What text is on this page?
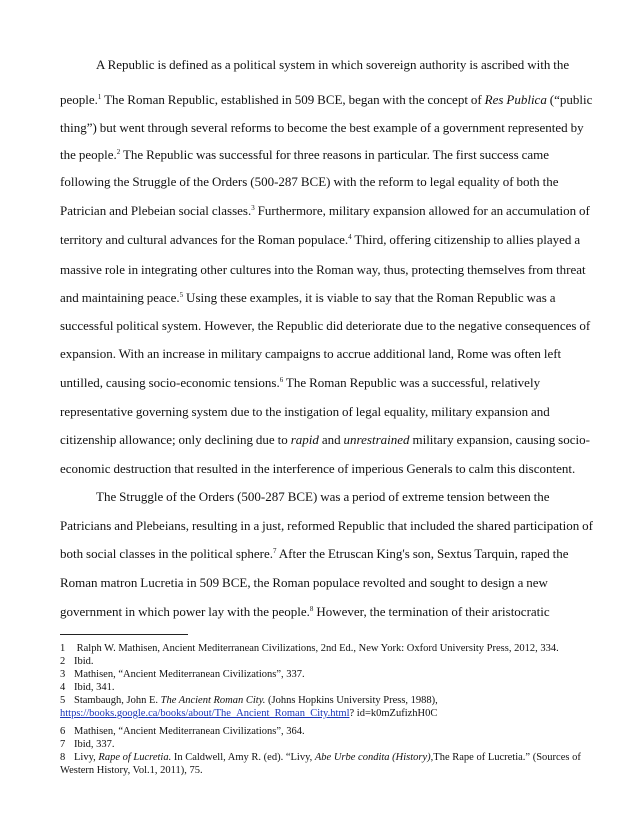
A Republic is defined as a political system in which sovereign authority is ascribed with the
people.$^1$ The Roman Republic, established in 509 BCE, began with the concept of Res Publica (“public
thing”) but went through several reforms to become the best example of a government represented by
the people.$^2$ The Republic was successful for three reasons in particular. The first success came
following the Struggle of the Orders (500-287 BCE) with the reform to legal equality of both the
Patrician and Plebeian social classes.$^3$ Furthermore, military expansion allowed for an accumulation of
territory and cultural advances for the Roman populace.$^4$ Third, offering citizenship to allies played a
massive role in integrating other cultures into the Roman way, thus, protecting themselves from threat
and maintaining peace.$^5$ Using these examples, it is viable to say that the Roman Republic was a
successful political system. However, the Republic did deteriorate due to the negative consequences of
expansion. With an increase in military campaigns to accrue additional land, Rome was often left
untilled, causing socio-economic tensions.$^6$ The Roman Republic was a successful, relatively
representative governing system due to the instigation of legal equality, military expansion and
citizenship allowance; only declining due to rapid and unrestrained military expansion, causing socio-
economic destruction that resulted in the interference of imperious Generals to calm this discontent.
The Struggle of the Orders (500-287 BCE) was a period of extreme tension between the
Patricians and Plebeians, resulting in a just, reformed Republic that included the shared participation of
both social classes in the political sphere.$^7$ After the Etruscan King's son, Sextus Tarquin, raped the
Roman matron Lucretia in 509 BCE, the Roman populace revolted and sought to design a new
government in which power lay with the people.$^8$ However, the termination of their aristocratic
1 Ralph W. Mathisen, Ancient Mediterranean Civilizations, 2nd Ed., New York: Oxford University Press, 2012, 334.
2 Ibid.
3 Mathisen, “Ancient Mediterranean Civilizations”, 337.
4 Ibid, 341.
5 Stambaugh, John E. The Ancient Roman City. (Johns Hopkins University Press, 1988),
https://books.google.ca/books/about/The_Ancient_Roman_City.html? id=k0mZufizhH0C
6 Mathisen, “Ancient Mediterranean Civilizations”, 364.
7 Ibid, 337.
8 Livy, Rape of Lucretia. In Caldwell, Amy R. (ed). “Livy, Abe Urbe condita (History),The Rape of Lucretia.” (Sources of
Western History, Vol.1, 2011), 75.
